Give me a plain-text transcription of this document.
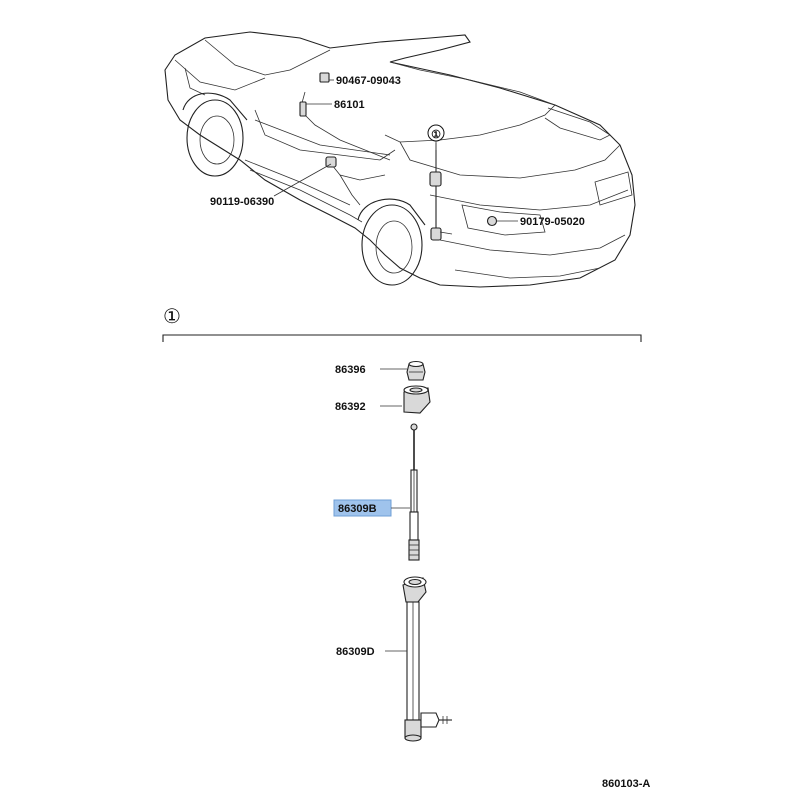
90467-09043
86101
90119-06390
90179-05020
①
①
86396
86392
86309B
86309D
860103-A
